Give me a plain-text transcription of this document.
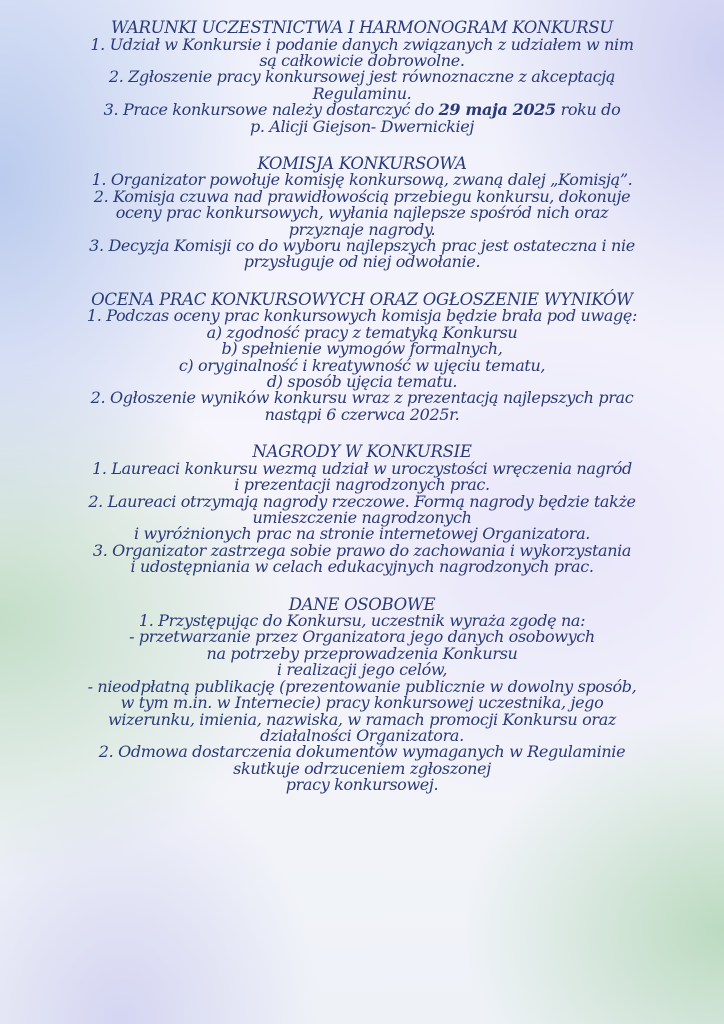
WARUNKI UCZESTNICTWA I HARMONOGRAM KONKURSU

1. Udział w Konkursie i podanie danych związanych z udziałem w nim

są całkowicie dobrowolne.

2. Zgłoszenie pracy konkursowej jest równoznaczne z akceptacją

Regulaminu.

3. Prace konkursowe należy dostarczyć do 29 maja 2025 roku do

p. Alicji Giejson- Dwernickiej

KOMISJA KONKURSOWA

1. Organizator powołuje komisję konkursową, zwaną dalej „Komisją”.

2. Komisja czuwa nad prawidłowością przebiegu konkursu, dokonuje

oceny prac konkursowych, wyłania najlepsze spośród nich oraz

przyznaje nagrody.

3. Decyzja Komisji co do wyboru najlepszych prac jest ostateczna i nie

przysługuje od niej odwołanie.

OCENA PRAC KONKURSOWYCH ORAZ OGŁOSZENIE WYNIKÓW

1. Podczas oceny prac konkursowych komisja będzie brała pod uwagę:

a) zgodność pracy z tematyką Konkursu

b) spełnienie wymogów formalnych,

c) oryginalność i kreatywność w ujęciu tematu,

d) sposób ujęcia tematu.

2. Ogłoszenie wyników konkursu wraz z prezentacją najlepszych prac

nastąpi 6 czerwca 2025r.

NAGRODY W KONKURSIE

1. Laureaci konkursu wezmą udział w uroczystości wręczenia nagród

i prezentacji nagrodzonych prac.

2. Laureaci otrzymają nagrody rzeczowe. Formą nagrody będzie także

umieszczenie nagrodzonych

i wyróżnionych prac na stronie internetowej Organizatora.

3. Organizator zastrzega sobie prawo do zachowania i wykorzystania

i udostępniania w celach edukacyjnych nagrodzonych prac.

DANE OSOBOWE

1. Przystępując do Konkursu, uczestnik wyraża zgodę na:

- przetwarzanie przez Organizatora jego danych osobowych

na potrzeby przeprowadzenia Konkursu

i realizacji jego celów,

- nieodpłatną publikację (prezentowanie publicznie w dowolny sposób,

w tym m.in. w Internecie) pracy konkursowej uczestnika, jego

wizerunku, imienia, nazwiska, w ramach promocji Konkursu oraz

działalności Organizatora.

2. Odmowa dostarczenia dokumentów wymaganych w Regulaminie

skutkuje odrzuceniem zgłoszonej

pracy konkursowej.
